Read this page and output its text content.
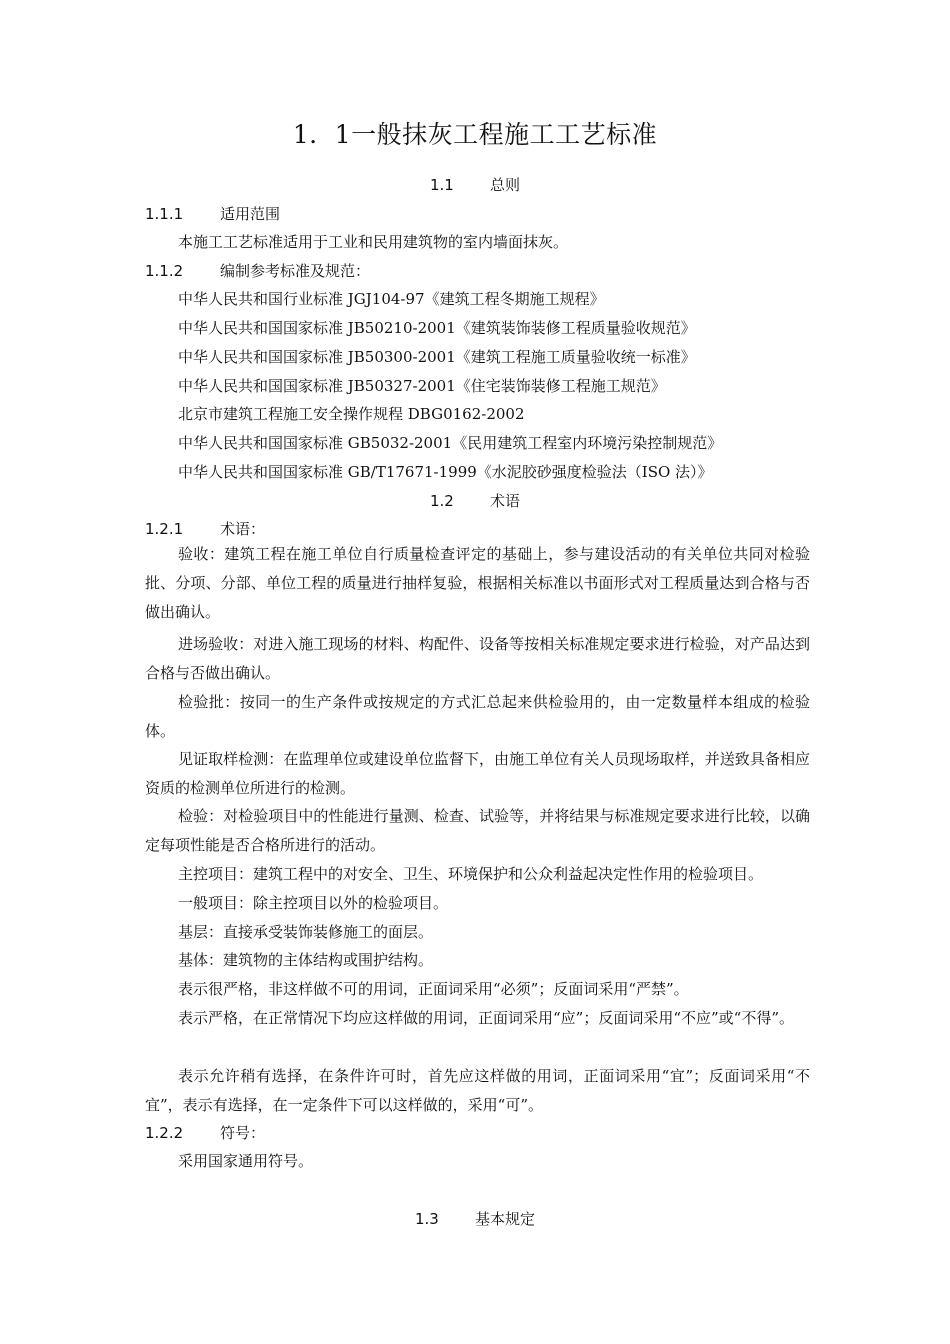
1．1一般抹灰工程施工工艺标准
1.1 总则
1.1.1 适用范围
本施工工艺标准适用于工业和民用建筑物的室内墙面抹灰。
1.1.2 编制参考标准及规范：
中华人民共和国行业标准 JGJ104-97《建筑工程冬期施工规程》
中华人民共和国国家标准 JB50210-2001《建筑装饰装修工程质量验收规范》
中华人民共和国国家标准 JB50300-2001《建筑工程施工质量验收统一标准》
中华人民共和国国家标准 JB50327-2001《住宅装饰装修工程施工规范》
北京市建筑工程施工安全操作规程 DBG0162-2002
中华人民共和国国家标准 GB5032-2001《民用建筑工程室内环境污染控制规范》
中华人民共和国国家标准 GB/T17671-1999《水泥胶砂强度检验法（ISO 法）》
1.2 术语
1.2.1 术语：
验收：建筑工程在施工单位自行质量检查评定的基础上，参与建设活动的有关单位共同对检验批、分项、分部、单位工程的质量进行抽样复验，根据相关标准以书面形式对工程质量达到合格与否做出确认。
进场验收：对进入施工现场的材料、构配件、设备等按相关标准规定要求进行检验，对产品达到合格与否做出确认。
检验批：按同一的生产条件或按规定的方式汇总起来供检验用的，由一定数量样本组成的检验体。
见证取样检测：在监理单位或建设单位监督下，由施工单位有关人员现场取样，并送致具备相应资质的检测单位所进行的检测。
检验：对检验项目中的性能进行量测、检查、试验等，并将结果与标准规定要求进行比较，以确定每项性能是否合格所进行的活动。
主控项目：建筑工程中的对安全、卫生、环境保护和公众利益起决定性作用的检验项目。
一般项目：除主控项目以外的检验项目。
基层：直接承受装饰装修施工的面层。
基体：建筑物的主体结构或围护结构。
表示很严格，非这样做不可的用词，正面词采用“必须”；反面词采用“严禁”。
表示严格，在正常情况下均应这样做的用词，正面词采用“应”；反面词采用“不应”或“不得”。
表示允许稍有选择，在条件许可时，首先应这样做的用词，正面词采用“宜”；反面词采用“不宜”，表示有选择，在一定条件下可以这样做的，采用“可”。
1.2.2 符号：
采用国家通用符号。
1.3 基本规定
